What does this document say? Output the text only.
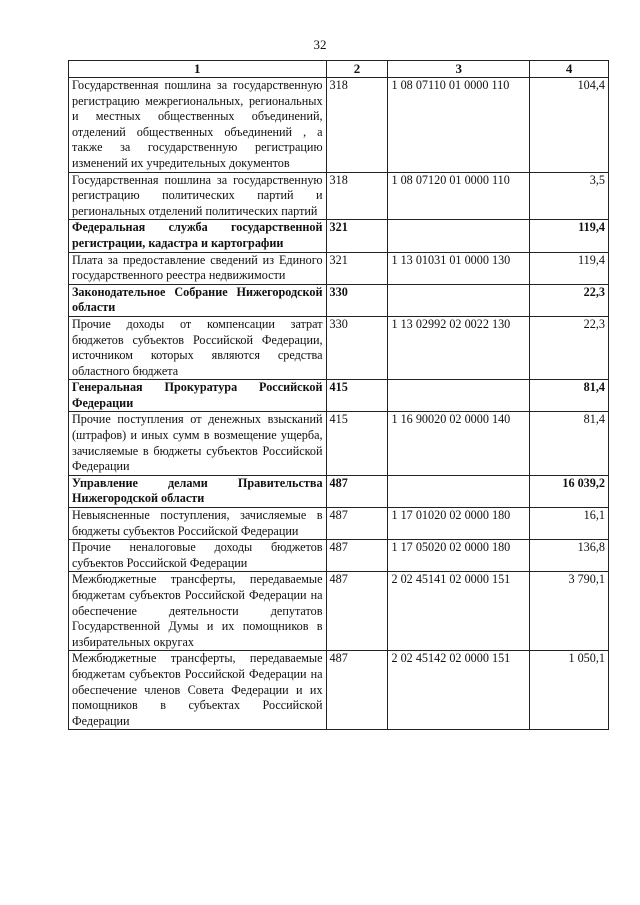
32
1	2	3	4
Государственная пошлина за государственную регистрацию межрегиональных, региональных и местных общественных объединений, отделений общественных объединений , а также за государственную регистрацию изменений их учредительных документов	318	1 08 07110 01 0000 110	104,4
Государственная пошлина за государственную регистрацию политических партий и региональных отделений политических партий	318	1 08 07120 01 0000 110	3,5
Федеральная служба государственной регистрации, кадастра и картографии	321		119,4
Плата за предоставление сведений из Единого государственного реестра недвижимости	321	1 13 01031 01 0000 130	119,4
Законодательное Собрание Нижегородской области	330		22,3
Прочие доходы от компенсации затрат бюджетов субъектов Российской Федерации, источником которых являются средства областного бюджета	330	1 13 02992 02 0022 130	22,3
Генеральная Прокуратура Российской Федерации	415		81,4
Прочие поступления от денежных взысканий (штрафов) и иных сумм в возмещение ущерба, зачисляемые в бюджеты субъектов Российской Федерации	415	1 16 90020 02 0000 140	81,4
Управление делами Правительства Нижегородской области	487		16 039,2
Невыясненные поступления, зачисляемые в бюджеты субъектов Российской Федерации	487	1 17 01020 02 0000 180	16,1
Прочие неналоговые доходы бюджетов субъектов Российской Федерации	487	1 17 05020 02 0000 180	136,8
Межбюджетные трансферты, передаваемые бюджетам субъектов Российской Федерации на обеспечение деятельности депутатов Государственной Думы и их помощников в избирательных округах	487	2 02 45141 02 0000 151	3 790,1
Межбюджетные трансферты, передаваемые бюджетам субъектов Российской Федерации на обеспечение членов Совета Федерации и их помощников в субъектах Российской Федерации	487	2 02 45142 02 0000 151	1 050,1
